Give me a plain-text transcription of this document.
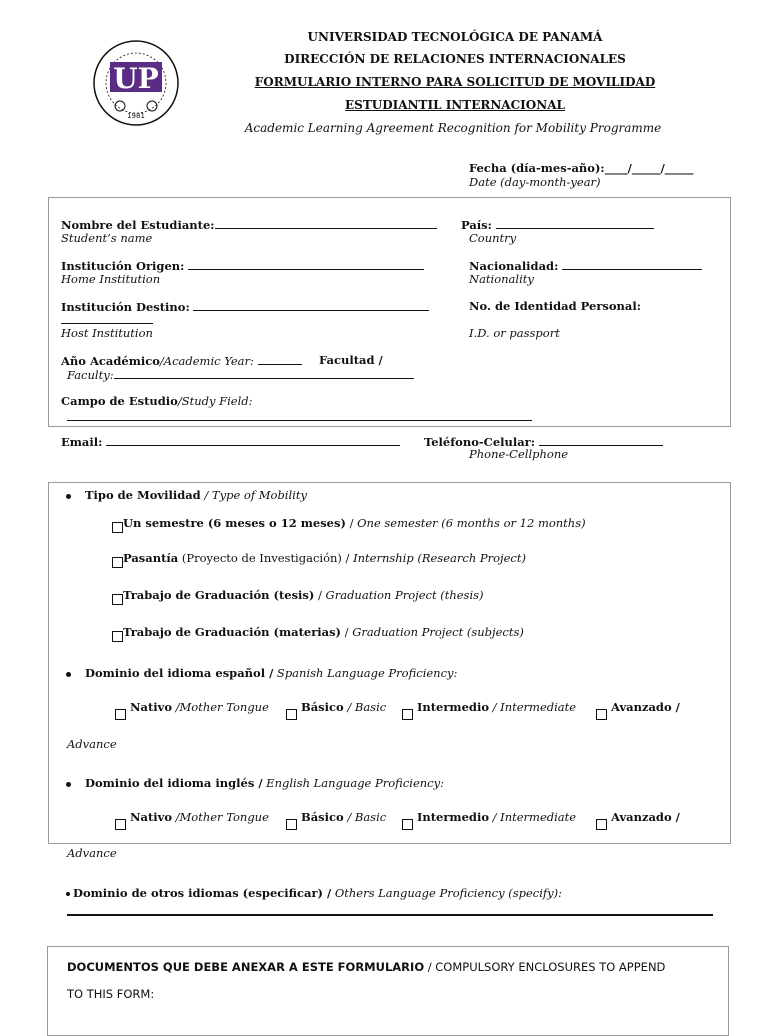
UP
1981
UNIVERSIDAD TECNOLÓGICA DE PANAMÁ
DIRECCIÓN DE RELACIONES INTERNACIONALES
FORMULARIO INTERNO PARA SOLICITUD DE MOVILIDAD
ESTUDIANTIL INTERNACIONAL
Academic Learning Agreement Recognition for Mobility Programme
Fecha (día-mes-año):____/_____/_____
Date (day-month-year)
Nombre del Estudiante:
Student’s name
País:
Country
Institución Origen:
Home Institution
Nacionalidad:
Nationality
Institución Destino:
Host Institution
No. de Identidad Personal:
I.D. or passport
Año Académico/Academic Year:	Facultad /
Faculty:
Campo de Estudio/Study Field:
Email:	Teléfono-Celular:
Phone-Cellphone
Tipo de Movilidad / Type of Mobility
Un semestre (6 meses o 12 meses) / One semester (6 months or 12 months)
Pasantía (Proyecto de Investigación) / Internship (Research Project)
Trabajo de Graduación (tesis) / Graduation Project (thesis)
Trabajo de Graduación (materias) / Graduation Project (subjects)
Dominio del idioma español / Spanish Language Proficiency:
Nativo /Mother Tongue	Básico / Basic	Intermedio / Intermediate	Avanzado /
Advance
Dominio del idioma inglés / English Language Proficiency:
Nativo /Mother Tongue	Básico / Basic	Intermedio / Intermediate	Avanzado /
Advance
Dominio de otros idiomas (especificar) / Others Language Proficiency (specify):
DOCUMENTOS QUE DEBE ANEXAR A ESTE FORMULARIO / COMPULSORY ENCLOSURES TO APPEND
TO THIS FORM:
